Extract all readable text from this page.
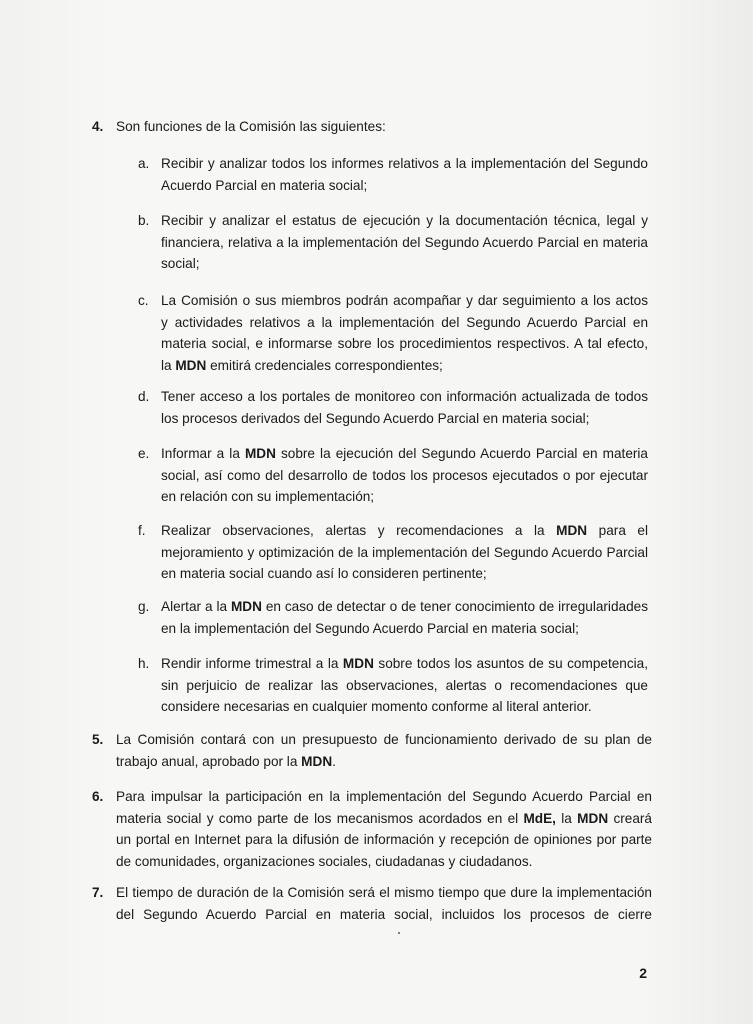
4. Son funciones de la Comisión las siguientes:
a. Recibir y analizar todos los informes relativos a la implementación del Segundo
Acuerdo Parcial en materia social;
b. Recibir y analizar el estatus de ejecución y la documentación técnica, legal y
financiera, relativa a la implementación del Segundo Acuerdo Parcial en materia
social;
c. La Comisión o sus miembros podrán acompañar y dar seguimiento a los actos
y actividades relativos a la implementación del Segundo Acuerdo Parcial en
materia social, e informarse sobre los procedimientos respectivos. A tal efecto,
la MDN emitirá credenciales correspondientes;
d. Tener acceso a los portales de monitoreo con información actualizada de todos
los procesos derivados del Segundo Acuerdo Parcial en materia social;
e. Informar a la MDN sobre la ejecución del Segundo Acuerdo Parcial en materia
social, así como del desarrollo de todos los procesos ejecutados o por ejecutar
en relación con su implementación;
f. Realizar observaciones, alertas y recomendaciones a la MDN para el
mejoramiento y optimización de la implementación del Segundo Acuerdo Parcial
en materia social cuando así lo consideren pertinente;
g. Alertar a la MDN en caso de detectar o de tener conocimiento de irregularidades
en la implementación del Segundo Acuerdo Parcial en materia social;
h. Rendir informe trimestral a la MDN sobre todos los asuntos de su competencia,
sin perjuicio de realizar las observaciones, alertas o recomendaciones que
considere necesarias en cualquier momento conforme al literal anterior.
5. La Comisión contará con un presupuesto de funcionamiento derivado de su plan de
trabajo anual, aprobado por la MDN.
6. Para impulsar la participación en la implementación del Segundo Acuerdo Parcial en
materia social y como parte de los mecanismos acordados en el MdE, la MDN creará
un portal en Internet para la difusión de información y recepción de opiniones por parte
de comunidades, organizaciones sociales, ciudadanas y ciudadanos.
7. El tiempo de duración de la Comisión será el mismo tiempo que dure la implementación
del Segundo Acuerdo Parcial en materia social, incluidos los procesos de cierre
2
